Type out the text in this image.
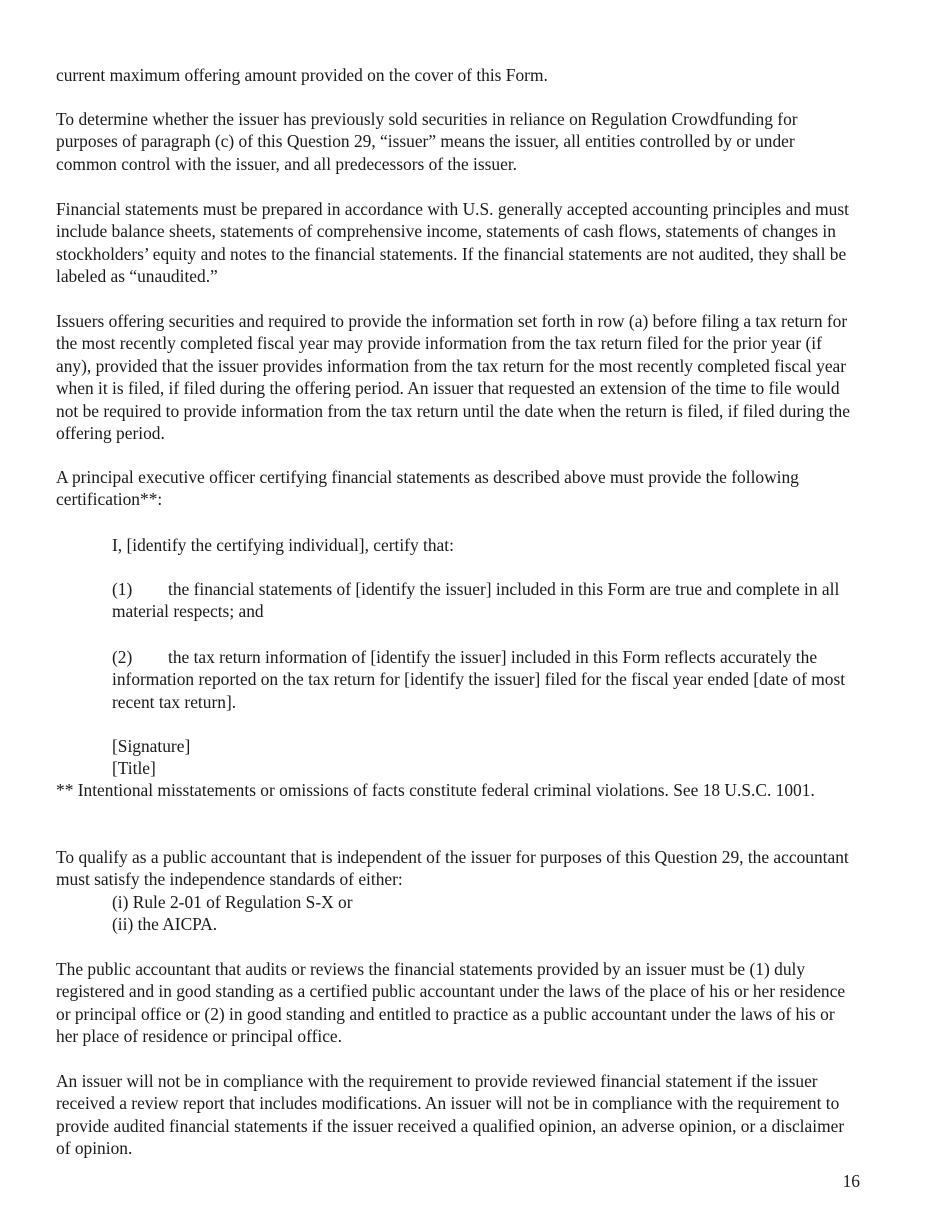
current maximum offering amount provided on the cover of this Form.

To determine whether the issuer has previously sold securities in reliance on Regulation Crowdfunding for purposes of paragraph (c) of this Question 29, “issuer” means the issuer, all entities controlled by or under common control with the issuer, and all predecessors of the issuer.

Financial statements must be prepared in accordance with U.S. generally accepted accounting principles and must include balance sheets, statements of comprehensive income, statements of cash flows, statements of changes in stockholders’ equity and notes to the financial statements. If the financial statements are not audited, they shall be labeled as “unaudited.”

Issuers offering securities and required to provide the information set forth in row (a) before filing a tax return for the most recently completed fiscal year may provide information from the tax return filed for the prior year (if any), provided that the issuer provides information from the tax return for the most recently completed fiscal year when it is filed, if filed during the offering period. An issuer that requested an extension of the time to file would not be required to provide information from the tax return until the date when the return is filed, if filed during the offering period.

A principal executive officer certifying financial statements as described above must provide the following certification**:

I, [identify the certifying individual], certify that:

(1) the financial statements of [identify the issuer] included in this Form are true and complete in all material respects; and

(2) the tax return information of [identify the issuer] included in this Form reflects accurately the information reported on the tax return for [identify the issuer] filed for the fiscal year ended [date of most recent tax return].

[Signature]

[Title]

** Intentional misstatements or omissions of facts constitute federal criminal violations. See 18 U.S.C. 1001.

To qualify as a public accountant that is independent of the issuer for purposes of this Question 29, the accountant must satisfy the independence standards of either:

(i) Rule 2-01 of Regulation S-X or

(ii) the AICPA.

The public accountant that audits or reviews the financial statements provided by an issuer must be (1) duly registered and in good standing as a certified public accountant under the laws of the place of his or her residence or principal office or (2) in good standing and entitled to practice as a public accountant under the laws of his or her place of residence or principal office.

An issuer will not be in compliance with the requirement to provide reviewed financial statement if the issuer received a review report that includes modifications. An issuer will not be in compliance with the requirement to provide audited financial statements if the issuer received a qualified opinion, an adverse opinion, or a disclaimer of opinion.

16
